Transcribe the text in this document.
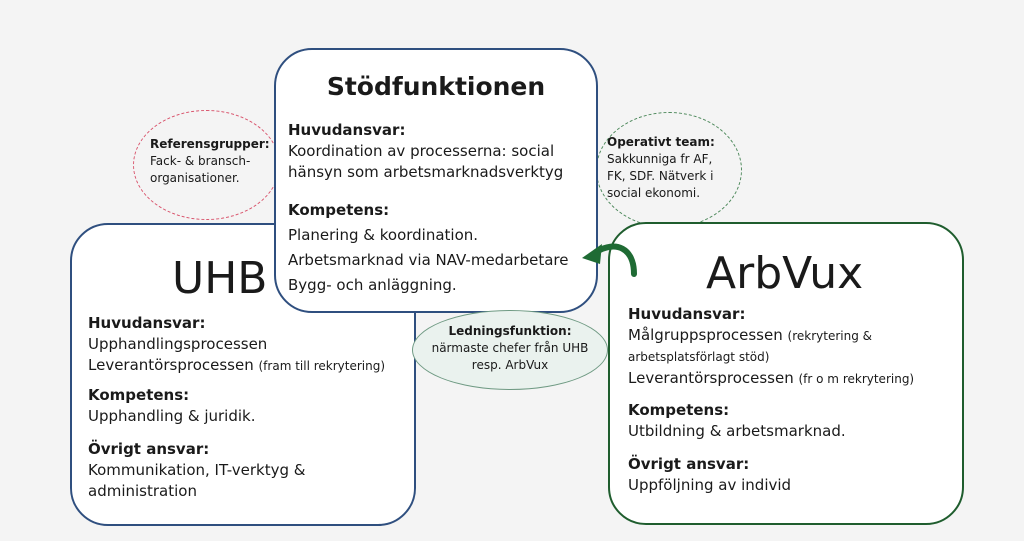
Referensgrupper:
Fack- & bransch-
organisationer.
Operativt team:
Sakkunniga fr AF,
FK, SDF. Nätverk i
social ekonomi.
UHB
Huvudansvar:
Upphandlingsprocessen
Leverantörsprocessen (fram till rekrytering)
Kompetens:
Upphandling & juridik.
Övrigt ansvar:
Kommunikation, IT-verktyg &
administration
ArbVux
Huvudansvar:
Målgruppsprocessen (rekrytering &
arbetsplatsförlagt stöd)
Leverantörsprocessen (fr o m rekrytering)
Kompetens:
Utbildning & arbetsmarknad.
Övrigt ansvar:
Uppföljning av individ
Stödfunktionen
Huvudansvar:
Koordination av processerna: social
hänsyn som arbetsmarknadsverktyg
Kompetens:
Planering & koordination.
Arbetsmarknad via NAV-medarbetare
Bygg- och anläggning.
Ledningsfunktion:
närmaste chefer från UHB
resp. ArbVux
